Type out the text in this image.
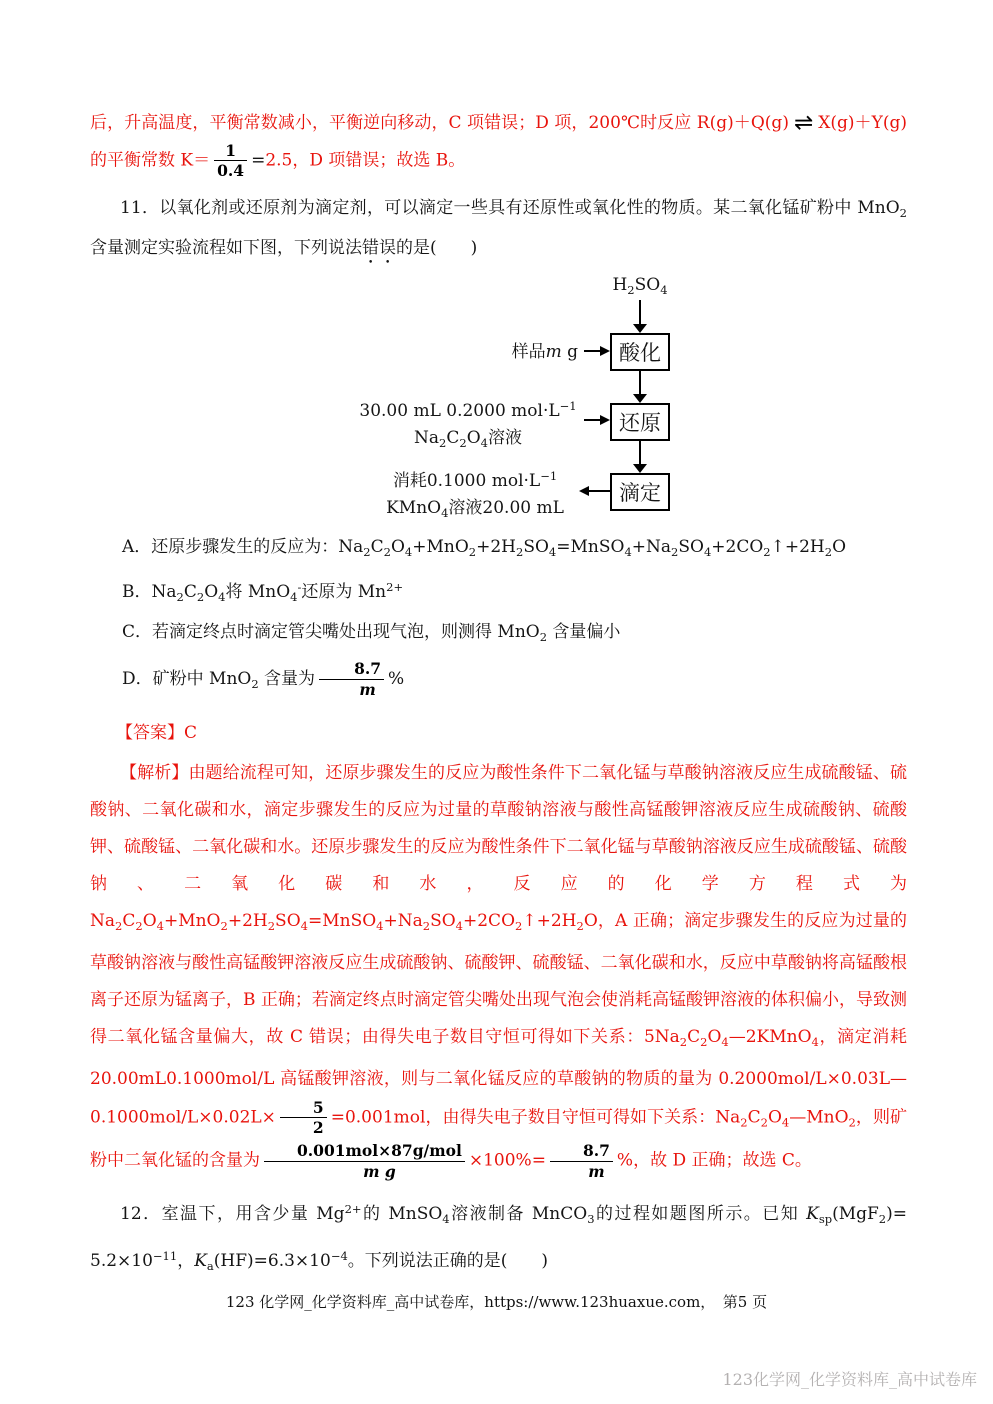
后，升高温度，平衡常数减小，平衡逆向移动，C 项错误；D 项，200℃时反应 R(g)＋Q(g) ⇌ X(g)＋Y(g)的平衡常数 $K= \frac{1}{0.4} =2.5$，D 项错误；故选 B。

11．以氧化剂或还原剂为滴定剂，可以滴定一些具有还原性或氧化性的物质。某二氧化锰矿粉中 MnO$_2$ 含量测定实验流程如下图，下列说法错误的是(　　)

$H_2SO_4$
酸化
样品m g
还原
30.00 mL 0.2000 $mol\cdot L^{-1}$
$Na_2C_2O_4$溶液
滴定
消耗0.1000 $mol\cdot L^{-1}$
KMnO$_4$溶液20.00 mL

A．还原步骤发生的反应为：$Na_2C_2O_4+MnO_2+2H_2SO_4=MnSO_4+Na_2SO_4+2CO_2↑+2H_2O$

B．$Na_2C_2O_4$将 MnO$_4$-还原为 $Mn^{2+}$

C．若滴定终点时滴定管尖嘴处出现气泡，则测得 MnO$_2$ 含量偏小

D．矿粉中 MnO$_2$ 含量为 $\frac{8.7}{m}$ %

【答案】C

【解析】由题给流程可知，还原步骤发生的反应为酸性条件下二氧化锰与草酸钠溶液反应生成硫酸锰、硫酸钠、二氧化碳和水，滴定步骤发生的反应为过量的草酸钠溶液与酸性高锰酸钾溶液反应生成硫酸钠、硫酸钾、硫酸锰、二氧化碳和水。还原步骤发生的反应为酸性条件下二氧化锰与草酸钠溶液反应生成硫酸锰、硫酸钠、二氧化碳和水，反应的化学方程式为 $Na_2C_2O_4+MnO_2+2H_2SO_4=MnSO_4+Na_2SO_4+2CO_2↑+2H_2O$，A 正确；滴定步骤发生的反应为过量的草酸钠溶液与酸性高锰酸钾溶液反应生成硫酸钠、硫酸钾、硫酸锰、二氧化碳和水，反应中草酸钠将高锰酸根离子还原为锰离子，B 正确；若滴定终点时滴定管尖嘴处出现气泡会使消耗高锰酸钾溶液的体积偏小，导致测得二氧化锰含量偏大，故 C 错误；由得失电子数目守恒可得如下关系：$5Na_2C_2O_4—2KMnO_4$，滴定消耗 20.00mL0.1000mol/L 高锰酸钾溶液，则与二氧化锰反应的草酸钠的物质的量为 0.2000mol/L×0.03L—0.1000mol/L×0.02L× $\frac{5}{2} =0.001mol$，由得失电子数目守恒可得如下关系：$Na_2C_2O_4—MnO_2$，则矿粉中二氧化锰的含量为 $\frac{\text{0.001mol×87g/mol}}{\text{m g}} \times 100\%= \frac{8.7}{m}$ %，故 D 正确；故选 C。

12．室温下，用含少量 $Mg^{2+}$的 MnSO$_4$溶液制备 MnCO$_3$的过程如题图所示。已知 $K_{sp}(MgF_2)= 5.2\times 10^{-11}$，$K_a(HF)=6.3\times 10^{-4}$。下列说法正确的是(　　)

123 化学网_化学资料库_高中试卷库，https://www.123huaxue.com，　第5 页
123化学网_化学资料库_高中试卷库
